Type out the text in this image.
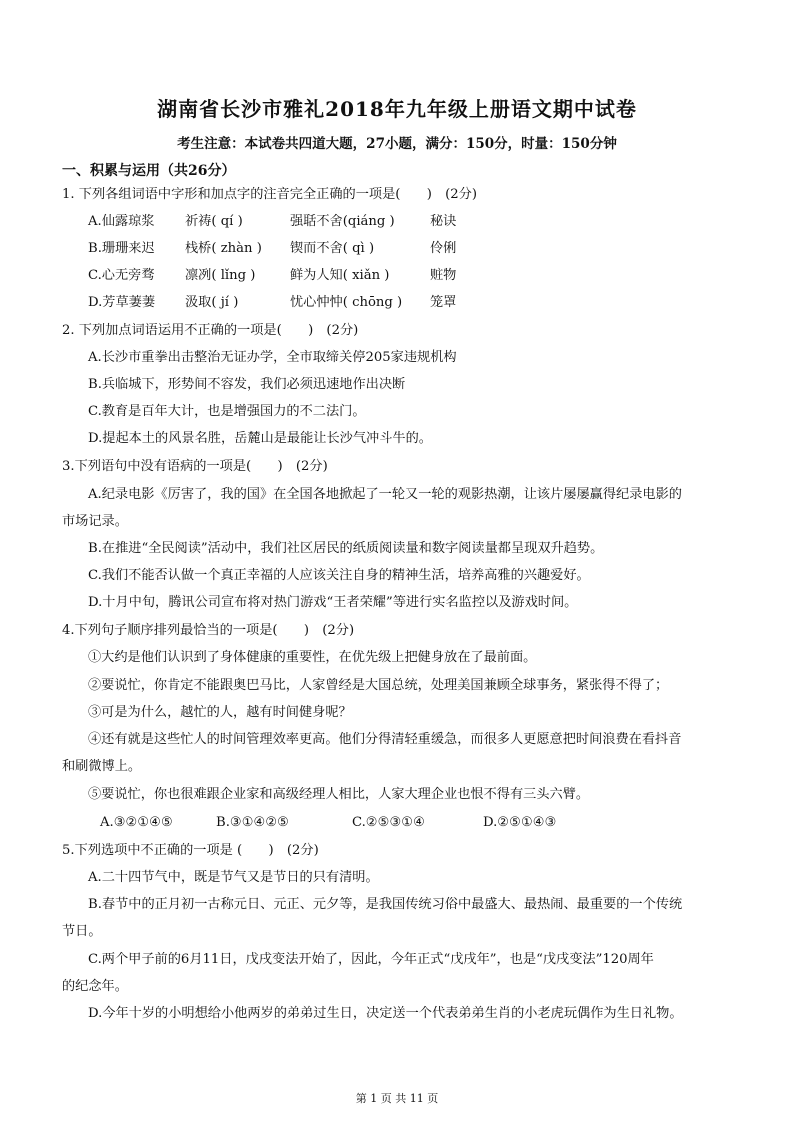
湖南省长沙市雅礼2018年九年级上册语文期中试卷
考生注意：本试卷共四道大题，27小题，满分：150分，时量：150分钟
一、积累与运用（共26分）
1. 下列各组词语中字形和加点字的注音完全正确的一项是(　　)　(2分)
A.仙露琼浆 祈祷( qí )	强聒不舍(qiáng )	秘诀
B.珊珊来迟 栈桥( zhàn ) 锲而不舍( qì )	伶俐
C.心无旁骛 凛冽( lǐng )	鲜为人知( xiǎn )	赃物
D.芳草萋萋 汲取( jí )	忧心忡忡( chōng ) 笼罩
2. 下列加点词语运用不正确的一项是(　　)　(2分)
A.长沙市重拳出击整治无证办学，全市取缔关停205家违规机构
B.兵临城下，形势间不容发，我们必须迅速地作出决断
C.教育是百年大计，也是增强国力的不二法门。
D.提起本土的风景名胜，岳麓山是最能让长沙气冲斗牛的。
3.下列语句中没有语病的一项是(　　)　(2分)
A.纪录电影《厉害了，我的国》在全国各地掀起了一轮又一轮的观影热潮，让该片屡屡赢得纪录电影的
市场记录。
B.在推进“全民阅读”活动中，我们社区居民的纸质阅读量和数字阅读量都呈现双升趋势。
C.我们不能否认做一个真正幸福的人应该关注自身的精神生活，培养高雅的兴趣爱好。
D.十月中旬，腾讯公司宣布将对热门游戏“王者荣耀”等进行实名监控以及游戏时间。
4.下列句子顺序排列最恰当的一项是(　　)　(2分)
①大约是他们认识到了身体健康的重要性，在优先级上把健身放在了最前面。
②要说忙，你肯定不能跟奥巴马比，人家曾经是大国总统，处理美国兼顾全球事务，紧张得不得了；
③可是为什么，越忙的人，越有时间健身呢？
④还有就是这些忙人的时间管理效率更高。他们分得清轻重缓急，而很多人更愿意把时间浪费在看抖音
和刷微博上。
⑤要说忙，你也很难跟企业家和高级经理人相比，人家大理企业也恨不得有三头六臂。
A.③②①④⑤	B.③①④②⑤	C.②⑤③①④	D.②⑤①④③
5.下列选项中不正确的一项是 (　　)　(2分)
A.二十四节气中，既是节气又是节日的只有清明。
B.春节中的正月初一古称元日、元正、元夕等，是我国传统习俗中最盛大、最热闹、最重要的一个传统
节日。
C.两个甲子前的6月11日，戊戌变法开始了，因此，今年正式“戊戌年”，也是“戊戌变法”120周年
的纪念年。
D.今年十岁的小明想给小他两岁的弟弟过生日，决定送一个代表弟弟生肖的小老虎玩偶作为生日礼物。
第 1 页 共 11 页
